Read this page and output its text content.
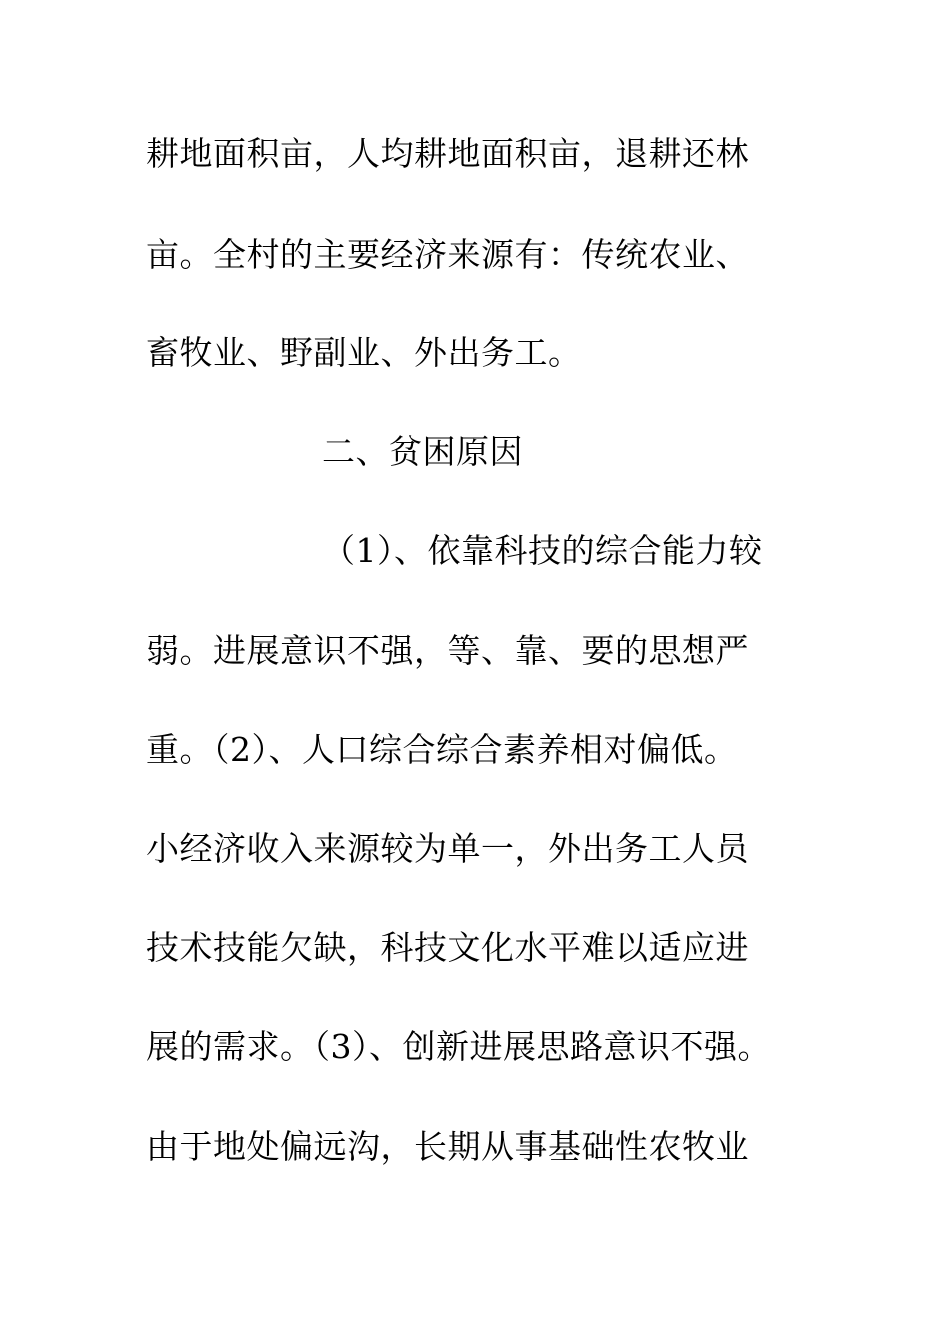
耕地面积亩，人均耕地面积亩，退耕还林
亩。全村的主要经济来源有：传统农业、
畜牧业、野副业、外出务工。
二、贫困原因
（1）、依靠科技的综合能力较
弱。进展意识不强，等、靠、要的思想严
重。（2）、人口综合综合素养相对偏低。
小经济收入来源较为单一，外出务工人员
技术技能欠缺，科技文化水平难以适应进
展的需求。（3）、创新进展思路意识不强。
由于地处偏远沟，长期从事基础性农牧业
